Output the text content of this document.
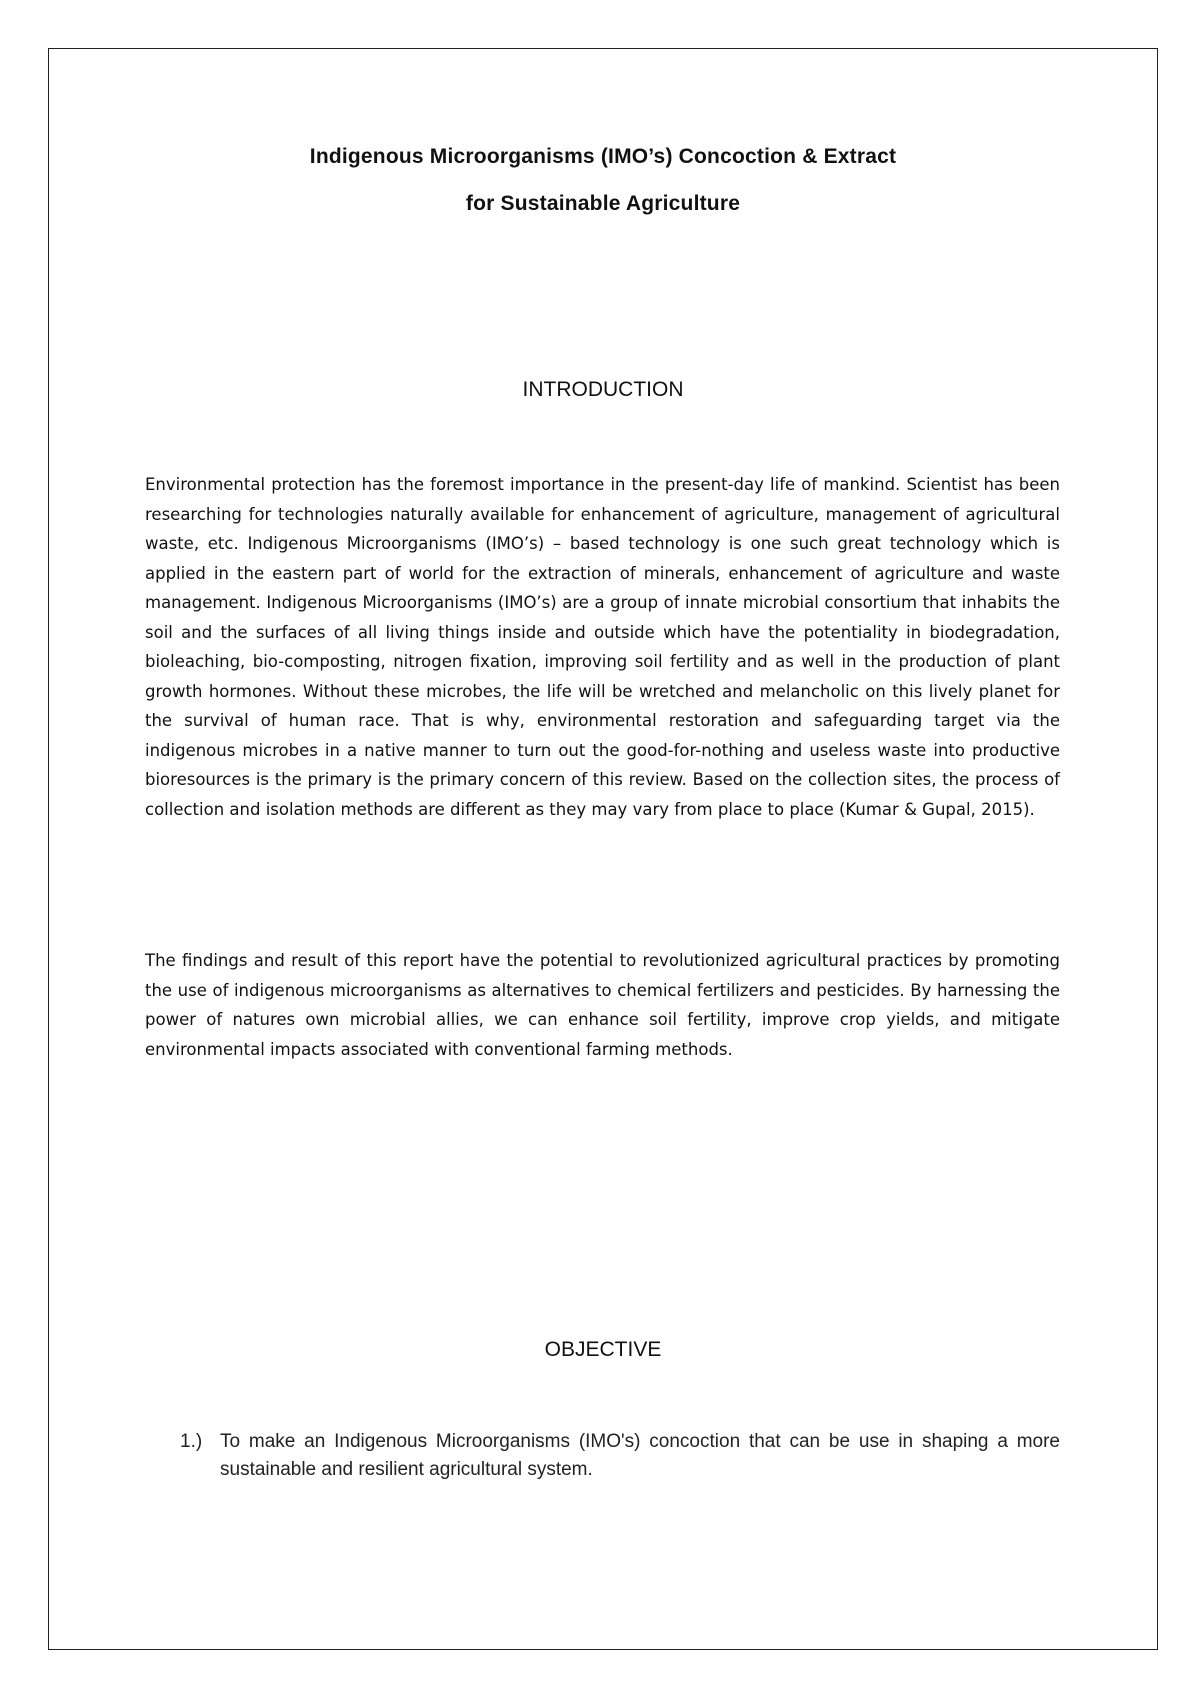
Indigenous Microorganisms (IMO’s) Concoction & Extract
for Sustainable Agriculture
INTRODUCTION

Environmental protection has the foremost importance in the present-day life of mankind. Scientist has been researching for technologies naturally available for enhancement of agriculture, management of agricultural waste, etc. Indigenous Microorganisms (IMO’s) – based technology is one such great technology which is applied in the eastern part of world for the extraction of minerals, enhancement of agriculture and waste management. Indigenous Microorganisms (IMO’s) are a group of innate microbial consortium that inhabits the soil and the surfaces of all living things inside and outside which have the potentiality in biodegradation, bioleaching, bio-composting, nitrogen fixation, improving soil fertility and as well in the production of plant growth hormones. Without these microbes, the life will be wretched and melancholic on this lively planet for the survival of human race. That is why, environmental restoration and safeguarding target via the indigenous microbes in a native manner to turn out the good-for-nothing and useless waste into productive bioresources is the primary is the primary concern of this review. Based on the collection sites, the process of collection and isolation methods are different as they may vary from place to place (Kumar & Gupal, 2015).

The findings and result of this report have the potential to revolutionized agricultural practices by promoting the use of indigenous microorganisms as alternatives to chemical fertilizers and pesticides. By harnessing the power of natures own microbial allies, we can enhance soil fertility, improve crop yields, and mitigate environmental impacts associated with conventional farming methods.

OBJECTIVE
1.) To make an Indigenous Microorganisms (IMO's) concoction that can be use in shaping a more sustainable and resilient agricultural system.
